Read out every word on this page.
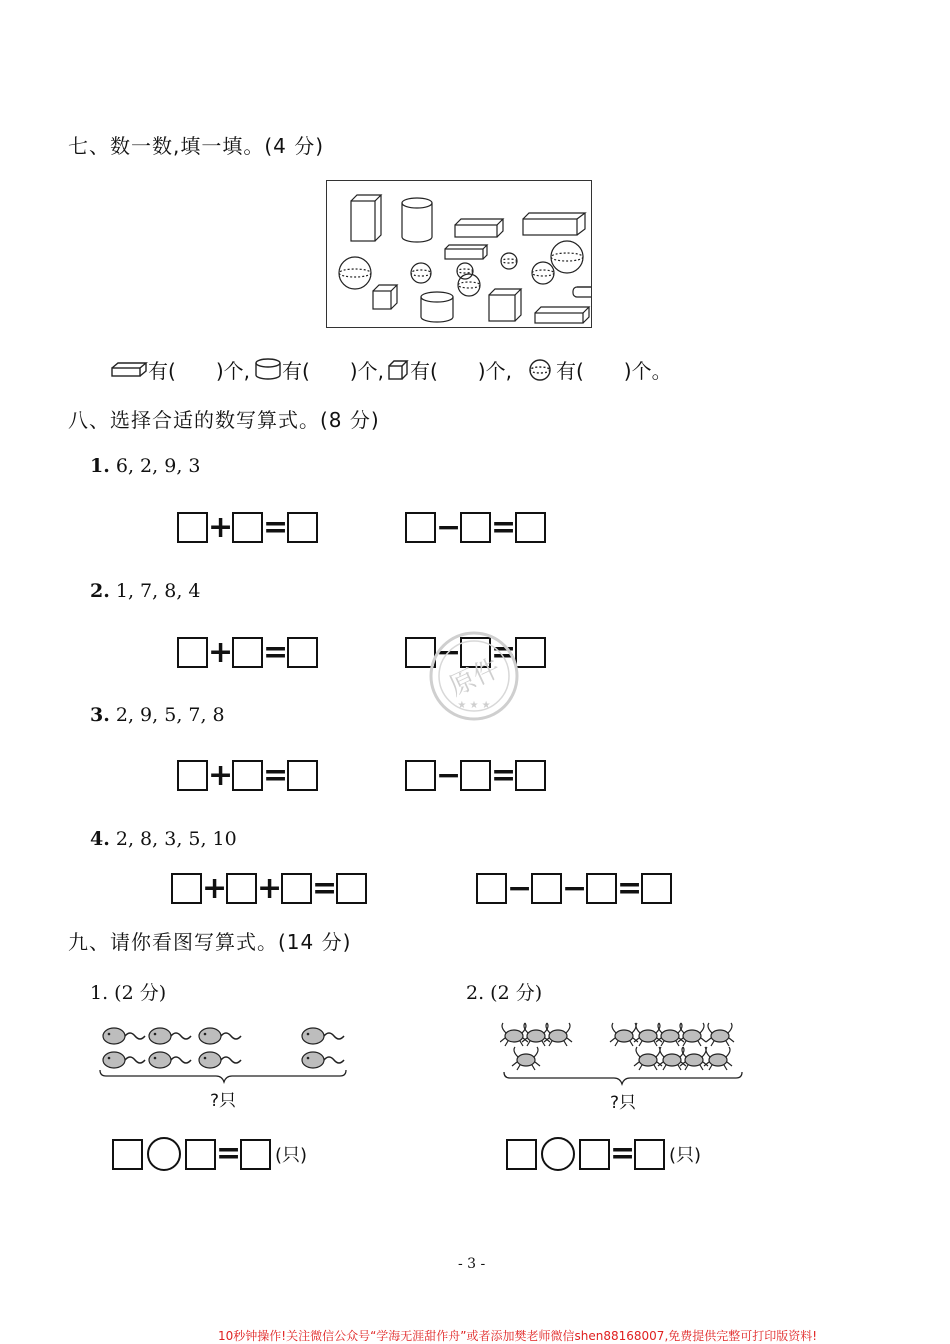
七、数一数,填一填。(4 分)
有( )个, 有( )个, 有( )个, 有( )个。
八、选择合适的数写算式。(8 分)
1. 6, 2, 9, 3
+ =	− =
2. 1, 7, 8, 4
+ =	− =
原件
★ ★ ★
3. 2, 9, 5, 7, 8
+ =	− =
4. 2, 8, 3, 5, 10
+ + =	− − =
九、请你看图写算式。(14 分)
1. (2 分)	2. (2 分)
?只	?只
= (只)	= (只)
- 3 -
10秒钟操作!关注微信公众号“学海无涯甜作舟”或者添加樊老师微信shen88168007,免费提供完整可打印版资料!
